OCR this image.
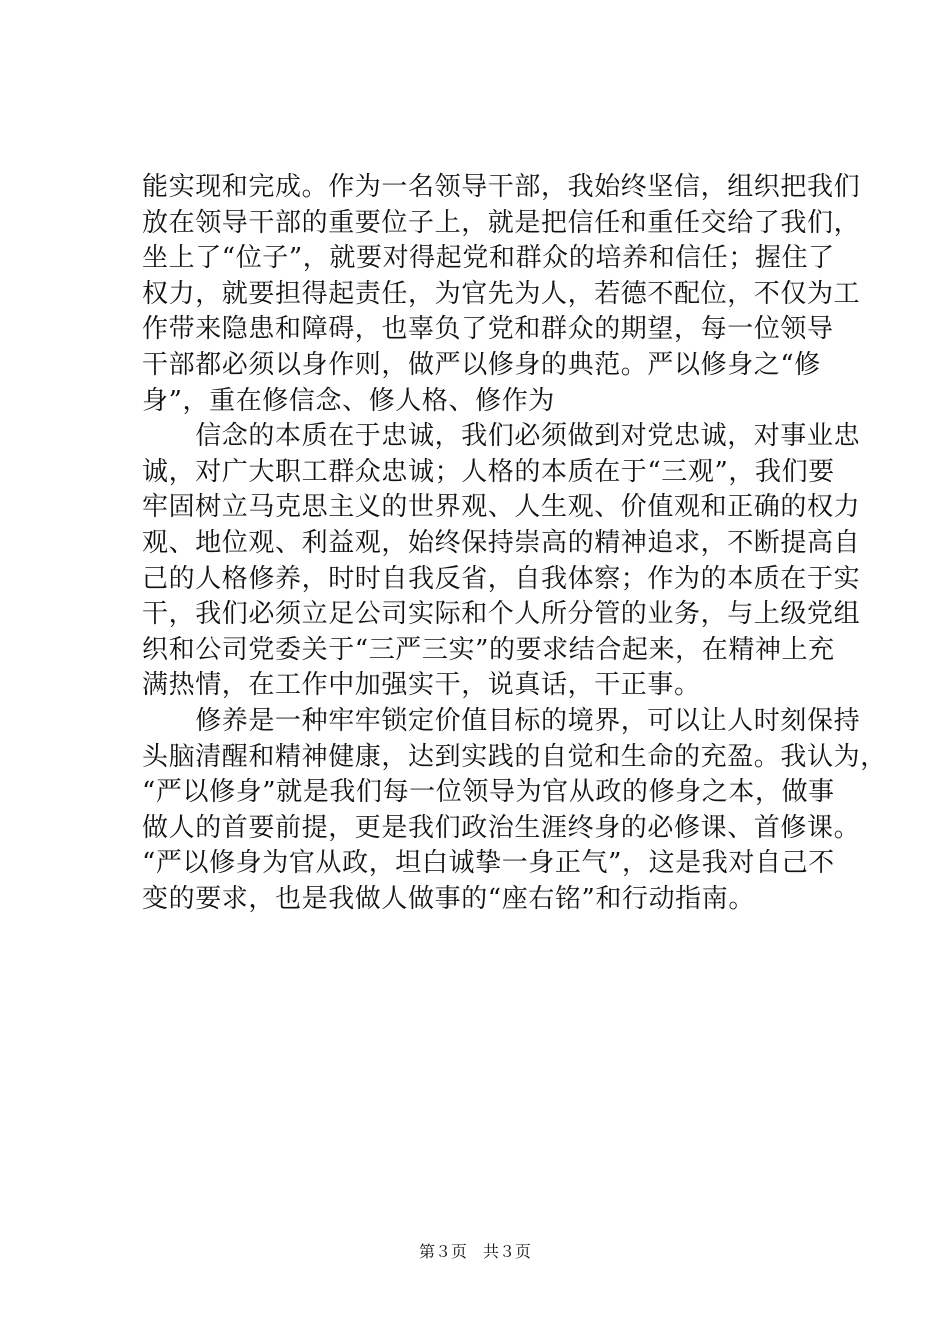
能实现和完成。作为一名领导干部，我始终坚信，组织把我们
放在领导干部的重要位子上，就是把信任和重任交给了我们，
坐上了“位子”，就要对得起党和群众的培养和信任；握住了
权力，就要担得起责任，为官先为人，若德不配位，不仅为工
作带来隐患和障碍，也辜负了党和群众的期望，每一位领导
干部都必须以身作则，做严以修身的典范。严以修身之“修
身”，重在修信念、修人格、修作为
　　信念的本质在于忠诚，我们必须做到对党忠诚，对事业忠
诚，对广大职工群众忠诚；人格的本质在于“三观”，我们要
牢固树立马克思主义的世界观、人生观、价值观和正确的权力
观、地位观、利益观，始终保持崇高的精神追求，不断提高自
己的人格修养，时时自我反省，自我体察；作为的本质在于实
干，我们必须立足公司实际和个人所分管的业务，与上级党组
织和公司党委关于“三严三实”的要求结合起来，在精神上充
满热情，在工作中加强实干，说真话，干正事。
　　修养是一种牢牢锁定价值目标的境界，可以让人时刻保持
头脑清醒和精神健康，达到实践的自觉和生命的充盈。我认为，
“严以修身”就是我们每一位领导为官从政的修身之本，做事
做人的首要前提，更是我们政治生涯终身的必修课、首修课。
“严以修身为官从政，坦白诚挚一身正气”，这是我对自己不
变的要求，也是我做人做事的“座右铭”和行动指南。
第３页　共３页
